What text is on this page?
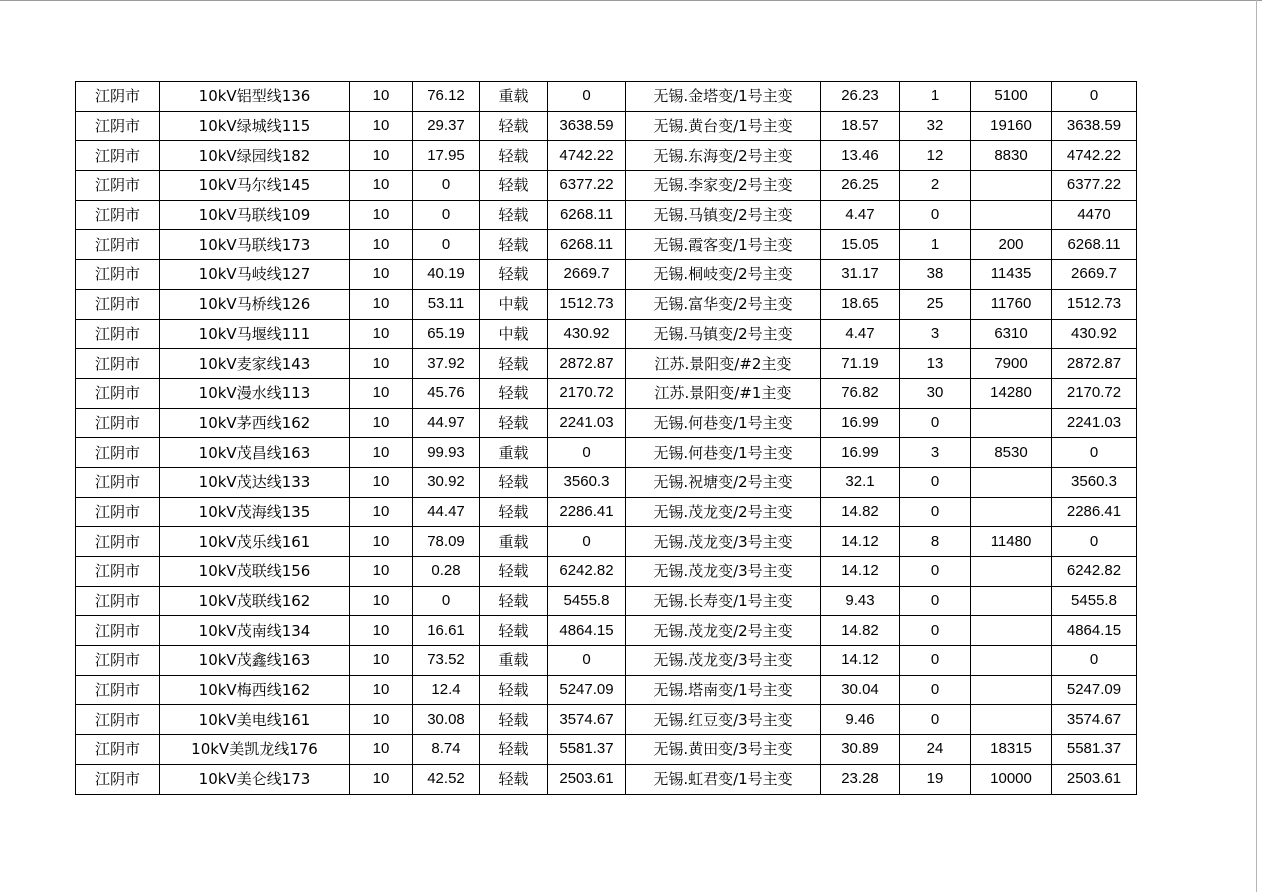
江阴市	10kV铝型线136	10	76.12	重载	0	无锡.金塔变/1号主变	26.23	1	5100	0
江阴市	10kV绿城线115	10	29.37	轻载	3638.59	无锡.黄台变/1号主变	18.57	32	19160	3638.59
江阴市	10kV绿园线182	10	17.95	轻载	4742.22	无锡.东海变/2号主变	13.46	12	8830	4742.22
江阴市	10kV马尔线145	10	0	轻载	6377.22	无锡.李家变/2号主变	26.25	2		6377.22
江阴市	10kV马联线109	10	0	轻载	6268.11	无锡.马镇变/2号主变	4.47	0		4470
江阴市	10kV马联线173	10	0	轻载	6268.11	无锡.霞客变/1号主变	15.05	1	200	6268.11
江阴市	10kV马岐线127	10	40.19	轻载	2669.7	无锡.桐岐变/2号主变	31.17	38	11435	2669.7
江阴市	10kV马桥线126	10	53.11	中载	1512.73	无锡.富华变/2号主变	18.65	25	11760	1512.73
江阴市	10kV马堰线111	10	65.19	中载	430.92	无锡.马镇变/2号主变	4.47	3	6310	430.92
江阴市	10kV麦家线143	10	37.92	轻载	2872.87	江苏.景阳变/#2主变	71.19	13	7900	2872.87
江阴市	10kV漫水线113	10	45.76	轻载	2170.72	江苏.景阳变/#1主变	76.82	30	14280	2170.72
江阴市	10kV茅西线162	10	44.97	轻载	2241.03	无锡.何巷变/1号主变	16.99	0		2241.03
江阴市	10kV茂昌线163	10	99.93	重载	0	无锡.何巷变/1号主变	16.99	3	8530	0
江阴市	10kV茂达线133	10	30.92	轻载	3560.3	无锡.祝塘变/2号主变	32.1	0		3560.3
江阴市	10kV茂海线135	10	44.47	轻载	2286.41	无锡.茂龙变/2号主变	14.82	0		2286.41
江阴市	10kV茂乐线161	10	78.09	重载	0	无锡.茂龙变/3号主变	14.12	8	11480	0
江阴市	10kV茂联线156	10	0.28	轻载	6242.82	无锡.茂龙变/3号主变	14.12	0		6242.82
江阴市	10kV茂联线162	10	0	轻载	5455.8	无锡.长寿变/1号主变	9.43	0		5455.8
江阴市	10kV茂南线134	10	16.61	轻载	4864.15	无锡.茂龙变/2号主变	14.82	0		4864.15
江阴市	10kV茂鑫线163	10	73.52	重载	0	无锡.茂龙变/3号主变	14.12	0		0
江阴市	10kV梅西线162	10	12.4	轻载	5247.09	无锡.塔南变/1号主变	30.04	0		5247.09
江阴市	10kV美电线161	10	30.08	轻载	3574.67	无锡.红豆变/3号主变	9.46	0		3574.67
江阴市	10kV美凯龙线176	10	8.74	轻载	5581.37	无锡.黄田变/3号主变	30.89	24	18315	5581.37
江阴市	10kV美仑线173	10	42.52	轻载	2503.61	无锡.虹君变/1号主变	23.28	19	10000	2503.61
